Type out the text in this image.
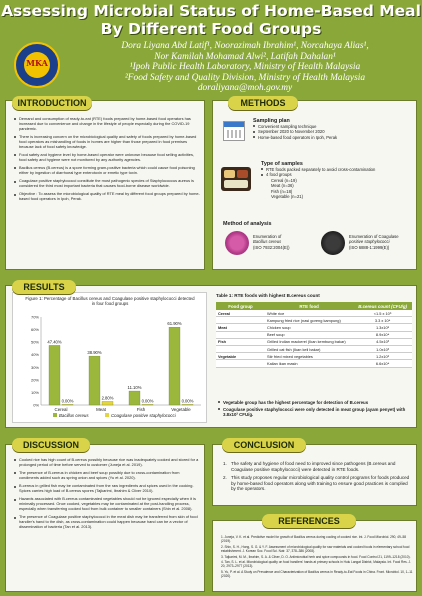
Assessing Microbial Status of Home-Based Meal
By Different Food Groups
MKA
Dora Liyana Abd Latif¹, Noorazimah Ibrahim¹, Norcahaya Alias¹,
Nor Kamilah Mohamad Alwi², Latifah Dahalan¹
¹Ipoh Public Health Laboratory, Ministry of Health Malaysia
²Food Safety and Quality Division, Ministry of Health Malaysia
doraliyana@moh.gov.my
Demand and consumption of ready-to-eat (RTE) foods prepared by home-based food operators has increased due to convenience and change in the lifestyle of people especially during the COVID-19 pandemic.
There is increasing concern on the microbiological quality and safety of foods prepared by home-based food operators as mishandling of foods in homes are higher than those prepared in food premises because lack of food safety knowledge.
Food safety and hygiene level by home-based operator were unknown because food selling activities, food safety and hygiene were not monitored by any authority agencies.
Bacillus cereus (B.cereus) is a spore forming gram-positive bacteria which could cause food poisoning either by ingestion of diarrhoeal type enterotoxin or emetic type toxin.
Coagulase positive staphylococci constitute the most pathogenic species of Staphylococcus aureus is considered the third most important bacteria that causes food-borne disease worldwide.
Objective : To assess the microbiological quality of RTE meal by different food groups prepared by home-based food operators in Ipoh, Perak.
INTRODUCTION
Sampling plan
Convenient sampling technique
September 2020 to November 2020
Home-based food operators in Ipoh, Perak
Type of samples
RTE foods packed separately to avoid cross-contamination
4 food groups
Cereal (n=19)
Meat (n=36)
Fish (n=18)
Vegetable (n=21)
Method of analysis
Enumeration of
Bacillus cereus
(ISO 7932:2004(E))
Enumeration of Coagulase
positive staphylococci
(ISO 6888-1:1999(E))
METHODS
Figure 1: Percentage of Bacillus cereus and Coagulase positive staphylococci detected in four food groups
0%
10%
20%
30%
40%
50%
60%
70%
47.40%
0.00%
Cereal
38.90%
2.80%
Meat
11.10%
0.00%
Fish
61.90%
0.00%
Vegetable
Bacillus cereus	Coagulase positive staphylococci
Table 1: RTE foods with highest B.cereus count
Food group	RTE food	B.cereus count (CFU/g)
Cereal	White rice	<1.5 x 10⁶
	Kampung fried rice (nasi goreng kampung)	3.3 x 10⁴
Meat	Chicken soup	1.3x10⁵
	Beef soup	8.9x10⁴
Fish	Grilled Indian mackerel (Ikan kembung bakar)	4.5x10³
	Grilled cat fish (Ikan keli bakar)	1.0x10³
Vegetable	Stir fried mixed vegetables	1.2x10⁶
	Kailan ikan masin	6.6x10⁴
Vegetable group has the highest percentage for detection of B.cereus
Coagulase positive staphylococci were only detected in meat group (ayam penyet) with 3.8x10³ CFU/g.
RESULTS
Cooked rice has high count of B.cereus possibly because rice was inadequately cooked and stored for a prolonged period of time before served to customer (Juneja et al. 2019).
The presence of B.cereus in chicken and beef soup possibly due to cross-contamination from condiments added such as spring onion and spices (Yu et al. 2020).
B.cereus in grilled fish may be contaminated from the raw ingredients and spices used in the cooking. Spices carries high load of B.cereus spores (Tajkarimi, Ibrahim & Cliver 2010).
Hazards associated with B.cereus contaminated vegetables should not be ignored especially when it is minimally processed. Once cooked, vegetables may be contaminated at the post-handling process, especially when transferring cooked food from bulk container to smaller containers (Shin et al. 2008).
The presence of Coagulase positive staphylococci in the meat dish may be transferred from skin of food handler's hand to the dish, as cross-contamination could happen because hand can be a vector of dissemination of bacteria (Tan et al. 2013).
DISCUSSION
1. The safety and hygiene of food need to improved since pathogens (B.cereus and Coagulase positive staphylococci) were detected in RTE foods.
2. This study proposes regular microbiological quality control programs for foods produced by home-based food operators along with training to ensure good practices is complied by the operators.
CONCLUSION
1. Juneja, V. K. et al. Predictive model for growth of Bacillus cereus during cooling of cooked rice. Int. J. Food Microbiol. 290, 49–58 (2019).
2. Shin, S. H., Hong, S. G. & Y. F. Assessment of microbiological quality for raw materials and cooked foods in elementary school food establishment. J. Korean Soc. Food Sci. Nutr. 37, 378–386 (2008).
3. Tajkarimi, M. M., Ibrahim, S. A. & Cliver, D. O. Antimicrobial herb and spice compounds in food. Food Control 21, 1199–1218 (2010).
4. Tan, S. L. et al. Microbiological quality on food handlers' hands at primary schools in Hulu Langat District, Malaysia. Int. Food Res. J. 20, 2973–2977 (2013).
5. Yu, P. et al. A Study on Prevalence and Characterization of Bacillus cereus in Ready-to-Eat Foods in China. Front. Microbiol. 10, 1–11 (2020).
REFERENCES
